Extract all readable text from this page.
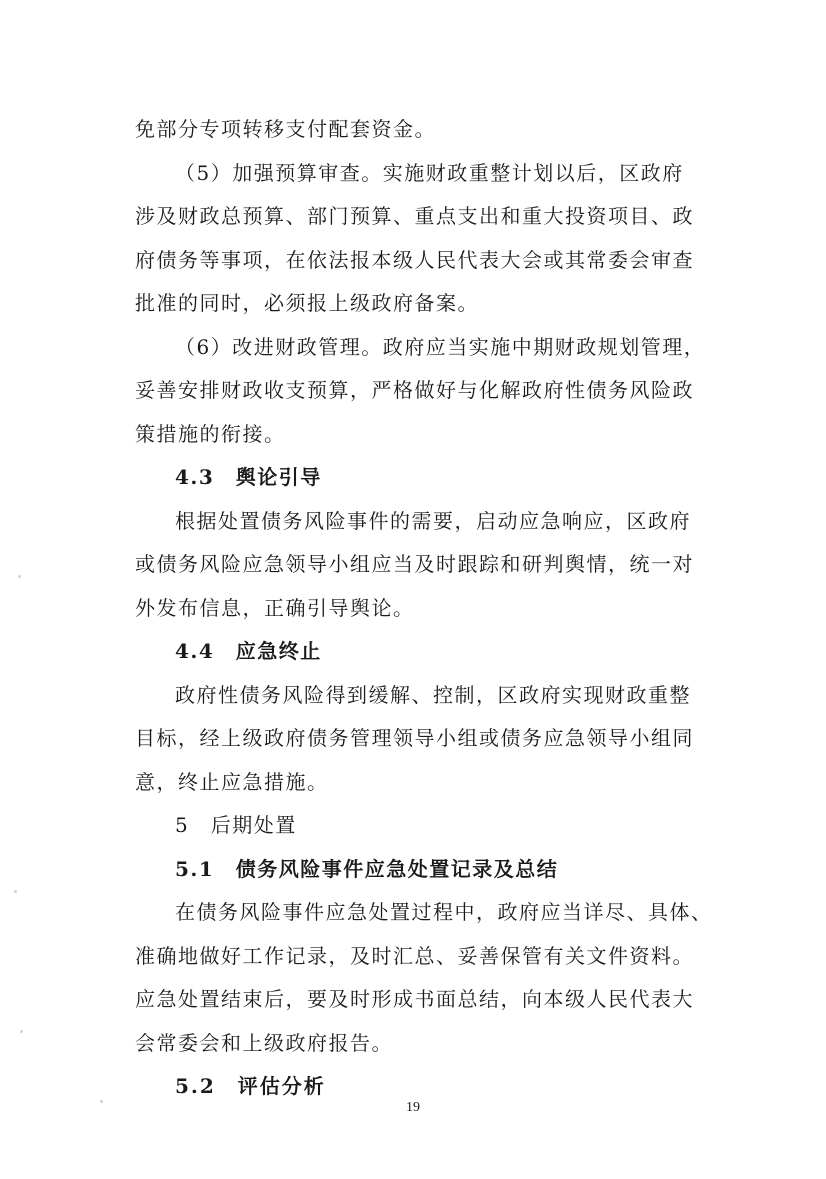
免部分专项转移支付配套资金。
（5）加强预算审查。实施财政重整计划以后，区政府
涉及财政总预算、部门预算、重点支出和重大投资项目、政
府债务等事项，在依法报本级人民代表大会或其常委会审查
批准的同时，必须报上级政府备案。
（6）改进财政管理。政府应当实施中期财政规划管理，
妥善安排财政收支预算，严格做好与化解政府性债务风险政
策措施的衔接。
4.3　舆论引导
根据处置债务风险事件的需要，启动应急响应，区政府
或债务风险应急领导小组应当及时跟踪和研判舆情，统一对
外发布信息，正确引导舆论。
4.4　应急终止
政府性债务风险得到缓解、控制，区政府实现财政重整
目标，经上级政府债务管理领导小组或债务应急领导小组同
意，终止应急措施。
5　后期处置
5.1　债务风险事件应急处置记录及总结
在债务风险事件应急处置过程中，政府应当详尽、具体、
准确地做好工作记录，及时汇总、妥善保管有关文件资料。
应急处置结束后，要及时形成书面总结，向本级人民代表大
会常委会和上级政府报告。
5.2　评估分析
19
